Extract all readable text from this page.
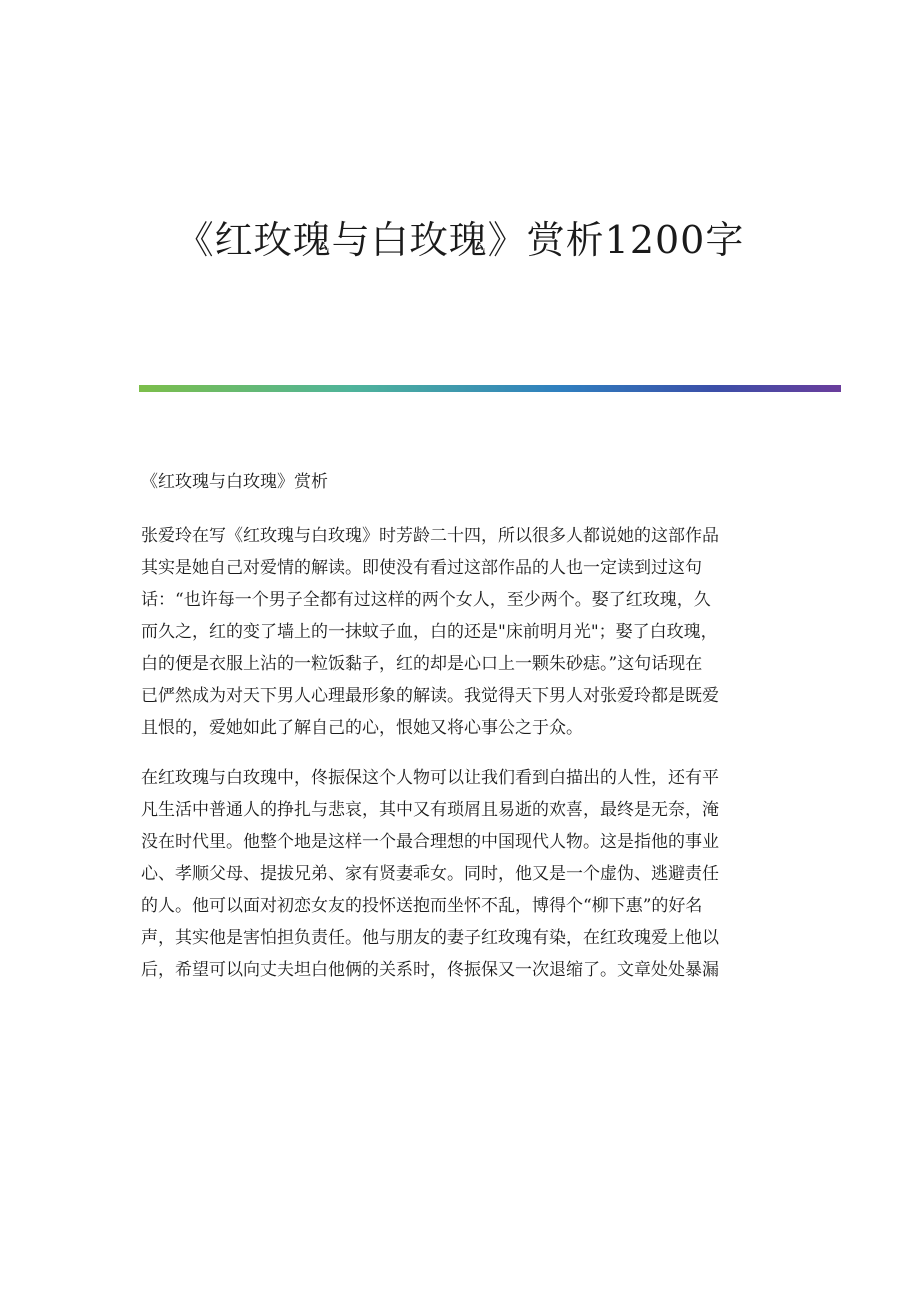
《红玫瑰与白玫瑰》赏析1200字

《红玫瑰与白玫瑰》赏析

张爱玲在写《红玫瑰与白玫瑰》时芳龄二十四，所以很多人都说她的这部作品
其实是她自己对爱情的解读。即使没有看过这部作品的人也一定读到过这句
话：“也许每一个男子全都有过这样的两个女人，至少两个。娶了红玫瑰，久
而久之，红的变了墙上的一抹蚊子血，白的还是"床前明月光"；娶了白玫瑰，
白的便是衣服上沾的一粒饭黏子，红的却是心口上一颗朱砂痣。”这句话现在
已俨然成为对天下男人心理最形象的解读。我觉得天下男人对张爱玲都是既爱
且恨的，爱她如此了解自己的心，恨她又将心事公之于众。

在红玫瑰与白玫瑰中，佟振保这个人物可以让我们看到白描出的人性，还有平
凡生活中普通人的挣扎与悲哀，其中又有琐屑且易逝的欢喜，最终是无奈，淹
没在时代里。他整个地是这样一个最合理想的中国现代人物。这是指他的事业
心、孝顺父母、提拔兄弟、家有贤妻乖女。同时，他又是一个虚伪、逃避责任
的人。他可以面对初恋女友的投怀送抱而坐怀不乱，博得个“柳下惠”的好名
声，其实他是害怕担负责任。他与朋友的妻子红玫瑰有染，在红玫瑰爱上他以
后，希望可以向丈夫坦白他俩的关系时，佟振保又一次退缩了。文章处处暴漏
